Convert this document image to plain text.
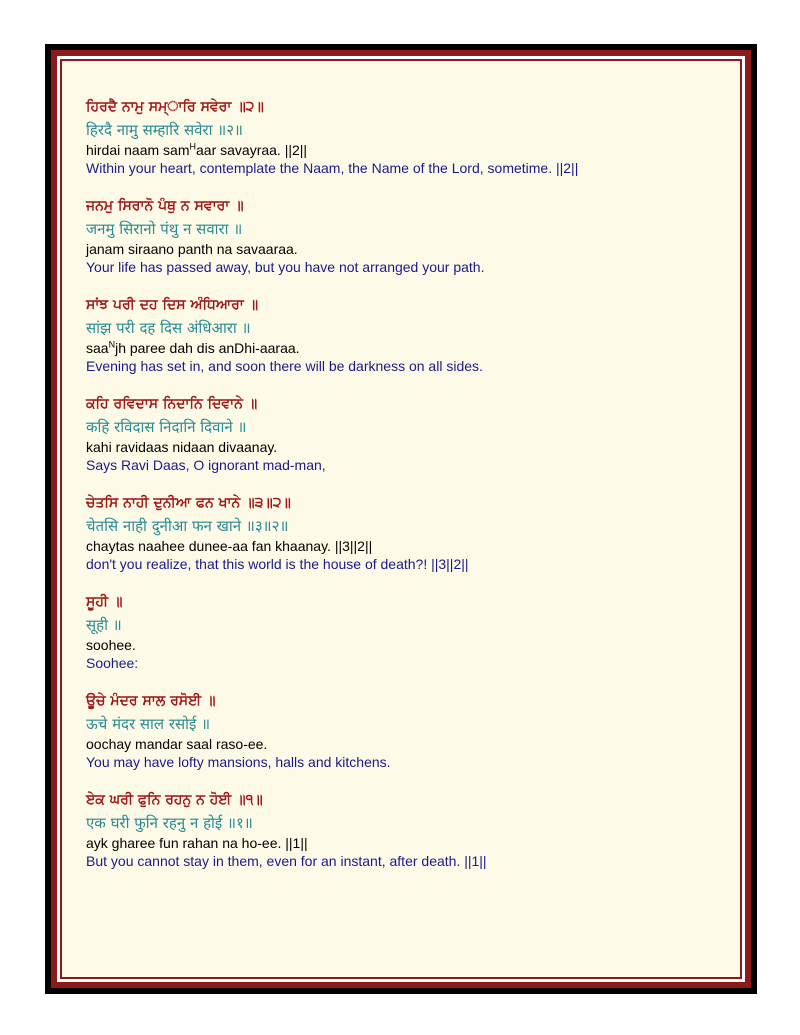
ਹਿਰਦੈ ਨਾਮੁ ਸਮ੍ਾਰਿ ਸਵੇਰਾ ॥੨॥
हिरदै नामु सम्हारि सवेरा ॥२॥
hirdai naam sam$^H$aar savayraa. ||2||
Within your heart, contemplate the Naam, the Name of the Lord, sometime. ||2||
ਜਨਮੁ ਸਿਰਾਨੋ ਪੰਥੁ ਨ ਸਵਾਰਾ ॥
जनमु सिरानो पंथु न सवारा ॥
janam siraano panth na savaaraa.
Your life has passed away, but you have not arranged your path.
ਸਾਂਝ ਪਰੀ ਦਹ ਦਿਸ ਅੰਧਿਆਰਾ ॥
सांझ परी दह दिस अंधिआरा ॥
saa$^N$jh paree dah dis anDhi-aaraa.
Evening has set in, and soon there will be darkness on all sides.
ਕਹਿ ਰਵਿਦਾਸ ਨਿਦਾਨਿ ਦਿਵਾਨੇ ॥
कहि रविदास निदानि दिवाने ॥
kahi ravidaas nidaan divaanay.
Says Ravi Daas, O ignorant mad-man,
ਚੇਤਸਿ ਨਾਹੀ ਦੁਨੀਆ ਫਨ ਖਾਨੇ ॥੩॥੨॥
चेतसि नाही दुनीआ फन खाने ॥३॥२॥
chaytas naahee dunee-aa fan khaanay. ||3||2||
don't you realize, that this world is the house of death?! ||3||2||
ਸੂਹੀ ॥
सूही ॥
soohee.
Soohee:
ਊਚੇ ਮੰਦਰ ਸਾਲ ਰਸੋਈ ॥
ऊचे मंदर साल रसोई ॥
oochay mandar saal raso-ee.
You may have lofty mansions, halls and kitchens.
ਏਕ ਘਰੀ ਫੁਨਿ ਰਹਨੁ ਨ ਹੋਈ ॥੧॥
एक घरी फुनि रहनु न होई ॥१॥
ayk gharee fun rahan na ho-ee. ||1||
But you cannot stay in them, even for an instant, after death. ||1||
